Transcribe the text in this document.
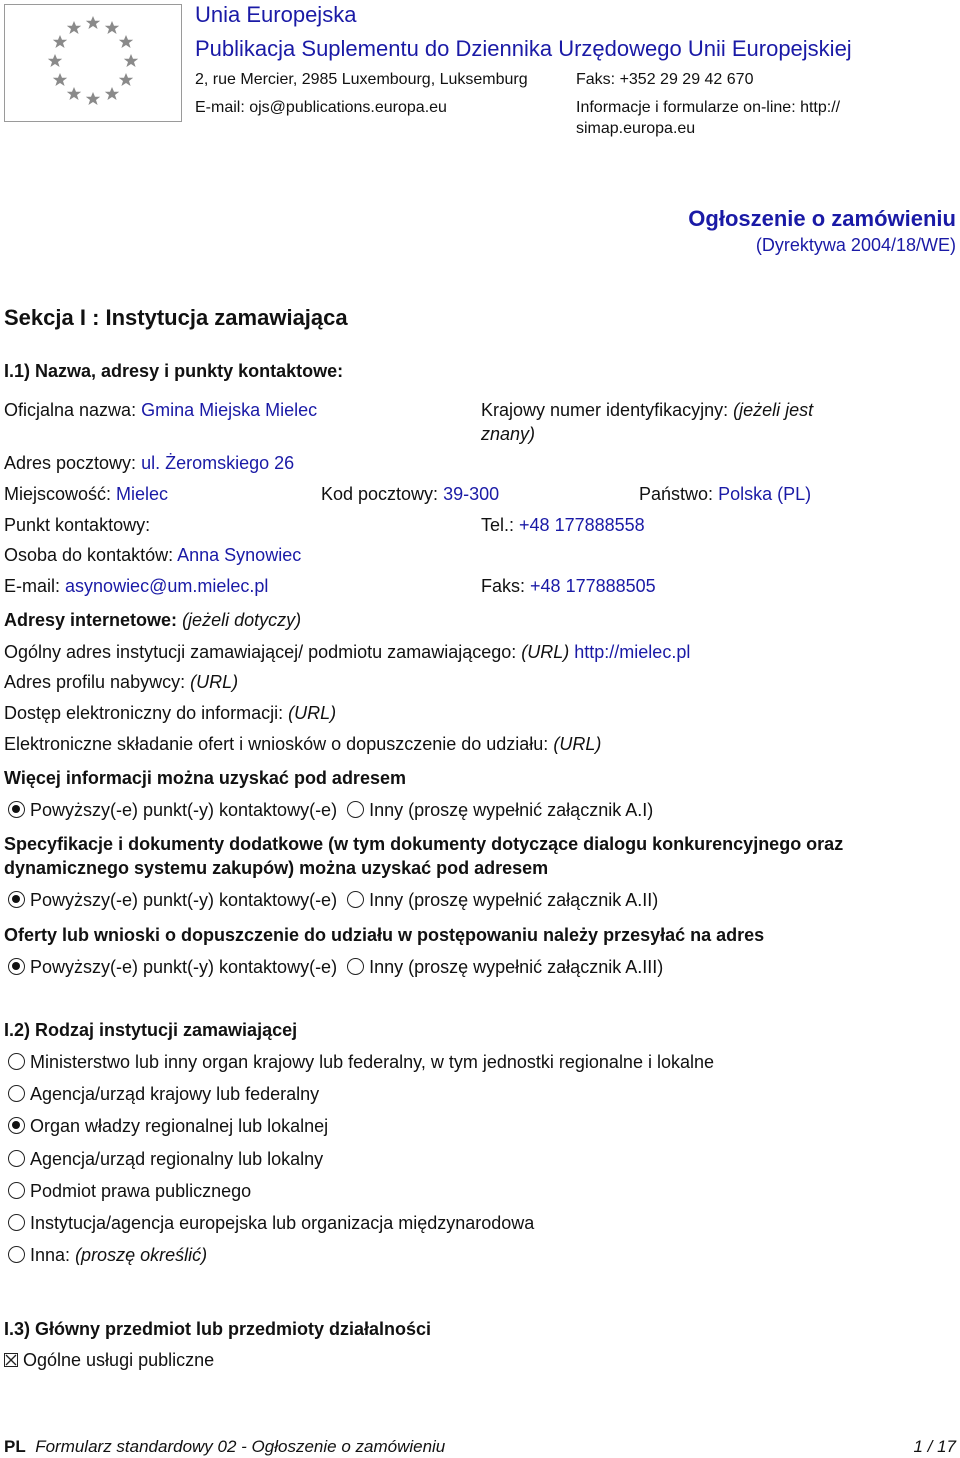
Unia Europejska
Publikacja Suplementu do Dziennika Urzędowego Unii Europejskiej
2, rue Mercier, 2985 Luxembourg, Luksemburg	Faks: +352 29 29 42 670
E-mail: ojs@publications.europa.eu	Informacje i formularze on-line: http://
simap.europa.eu
Ogłoszenie o zamówieniu
(Dyrektywa 2004/18/WE)
Sekcja I : Instytucja zamawiająca
I.1) Nazwa, adresy i punkty kontaktowe:
Oficjalna nazwa: Gmina Miejska Mielec	Krajowy numer identyfikacyjny: (jeżeli jest
znany)
Adres pocztowy: ul. Żeromskiego 26
Miejscowość: Mielec	Kod pocztowy: 39-300	Państwo: Polska (PL)
Punkt kontaktowy:	Tel.: +48 177888558
Osoba do kontaktów: Anna Synowiec
E-mail: asynowiec@um.mielec.pl	Faks: +48 177888505
Adresy internetowe: (jeżeli dotyczy)
Ogólny adres instytucji zamawiającej/ podmiotu zamawiającego: (URL) http://mielec.pl
Adres profilu nabywcy: (URL)
Dostęp elektroniczny do informacji: (URL)
Elektroniczne składanie ofert i wniosków o dopuszczenie do udziału: (URL)
Więcej informacji można uzyskać pod adresem
Powyższy(-e) punkt(-y) kontaktowy(-e) Inny (proszę wypełnić załącznik A.I)
Specyfikacje i dokumenty dodatkowe (w tym dokumenty dotyczące dialogu konkurencyjnego oraz
dynamicznego systemu zakupów) można uzyskać pod adresem
Powyższy(-e) punkt(-y) kontaktowy(-e) Inny (proszę wypełnić załącznik A.II)
Oferty lub wnioski o dopuszczenie do udziału w postępowaniu należy przesyłać na adres
Powyższy(-e) punkt(-y) kontaktowy(-e) Inny (proszę wypełnić załącznik A.III)
I.2) Rodzaj instytucji zamawiającej
Ministerstwo lub inny organ krajowy lub federalny, w tym jednostki regionalne i lokalne
Agencja/urząd krajowy lub federalny
Organ władzy regionalnej lub lokalnej
Agencja/urząd regionalny lub lokalny
Podmiot prawa publicznego
Instytucja/agencja europejska lub organizacja międzynarodowa
Inna: (proszę określić)
I.3) Główny przedmiot lub przedmioty działalności
Ogólne usługi publiczne
PL Formularz standardowy 02 - Ogłoszenie o zamówieniu	1 / 17
